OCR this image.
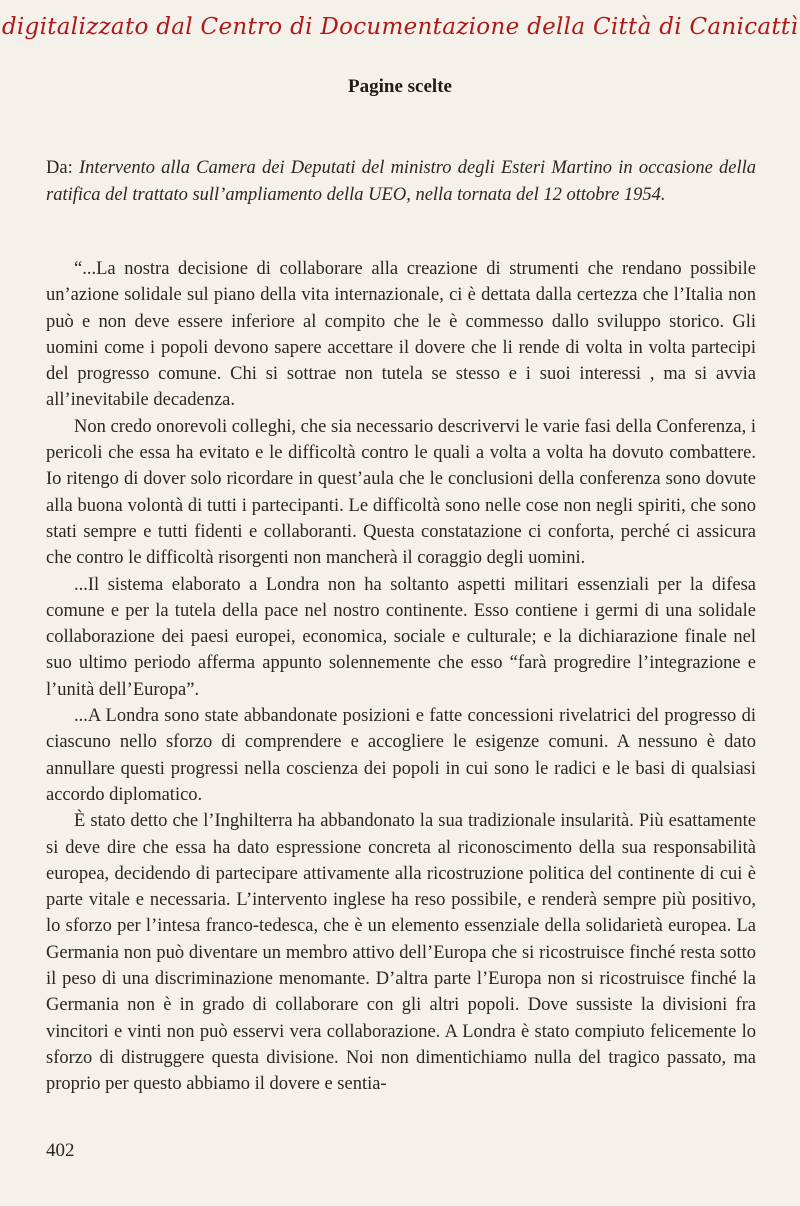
digitalizzato dal Centro di Documentazione della Città di Canicattì
Pagine scelte
Da: Intervento alla Camera dei Deputati del ministro degli Esteri Martino in occasione della ratifica del trattato sull’ampliamento della UEO, nella tornata del 12 ottobre 1954.

“...La nostra decisione di collaborare alla creazione di strumenti che rendano possibile un’azione solidale sul piano della vita internazionale, ci è dettata dalla certezza che l’Italia non può e non deve essere inferiore al compito che le è commesso dallo sviluppo storico. Gli uomini come i popoli devono sapere accettare il dovere che li rende di volta in volta partecipi del progresso comune. Chi si sottrae non tutela se stesso e i suoi interessi , ma si avvia all’inevitabile decadenza.

Non credo onorevoli colleghi, che sia necessario descrivervi le varie fasi della Conferenza, i pericoli che essa ha evitato e le difficoltà contro le quali a volta a volta ha dovuto combattere. Io ritengo di dover solo ricordare in quest’aula che le conclusioni della conferenza sono dovute alla buona volontà di tutti i partecipanti. Le difficoltà sono nelle cose non negli spiriti, che sono stati sempre e tutti fidenti e collaboranti. Questa constatazione ci conforta, perché ci assicura che contro le difficoltà risorgenti non mancherà il coraggio degli uomini.

...Il sistema elaborato a Londra non ha soltanto aspetti militari essenziali per la difesa comune e per la tutela della pace nel nostro continente. Esso contiene i germi di una solidale collaborazione dei paesi europei, economica, sociale e culturale; e la dichiarazione finale nel suo ultimo periodo afferma appunto solennemente che esso “farà progredire l’integrazione e l’unità dell’Europa”.

...A Londra sono state abbandonate posizioni e fatte concessioni rivelatrici del progresso di ciascuno nello sforzo di comprendere e accogliere le esigenze comuni. A nessuno è dato annullare questi progressi nella coscienza dei popoli in cui sono le radici e le basi di qualsiasi accordo diplomatico.

È stato detto che l’Inghilterra ha abbandonato la sua tradizionale insularità. Più esattamente si deve dire che essa ha dato espressione concreta al riconoscimento della sua responsabilità europea, decidendo di partecipare attivamente alla ricostruzione politica del continente di cui è parte vitale e necessaria. L’intervento inglese ha reso possibile, e renderà sempre più positivo, lo sforzo per l’intesa franco-tedesca, che è un elemento essenziale della solidarietà europea. La Germania non può diventare un membro attivo dell’Europa che si ricostruisce finché resta sotto il peso di una discriminazione menomante. D’altra parte l’Europa non si ricostruisce finché la Germania non è in grado di collaborare con gli altri popoli. Dove sussiste la divisioni fra vincitori e vinti non può esservi vera collaborazione. A Londra è stato compiuto felicemente lo sforzo di distruggere questa divisione. Noi non dimentichiamo nulla del tragico passato, ma proprio per questo abbiamo il dovere e sentia-

402
